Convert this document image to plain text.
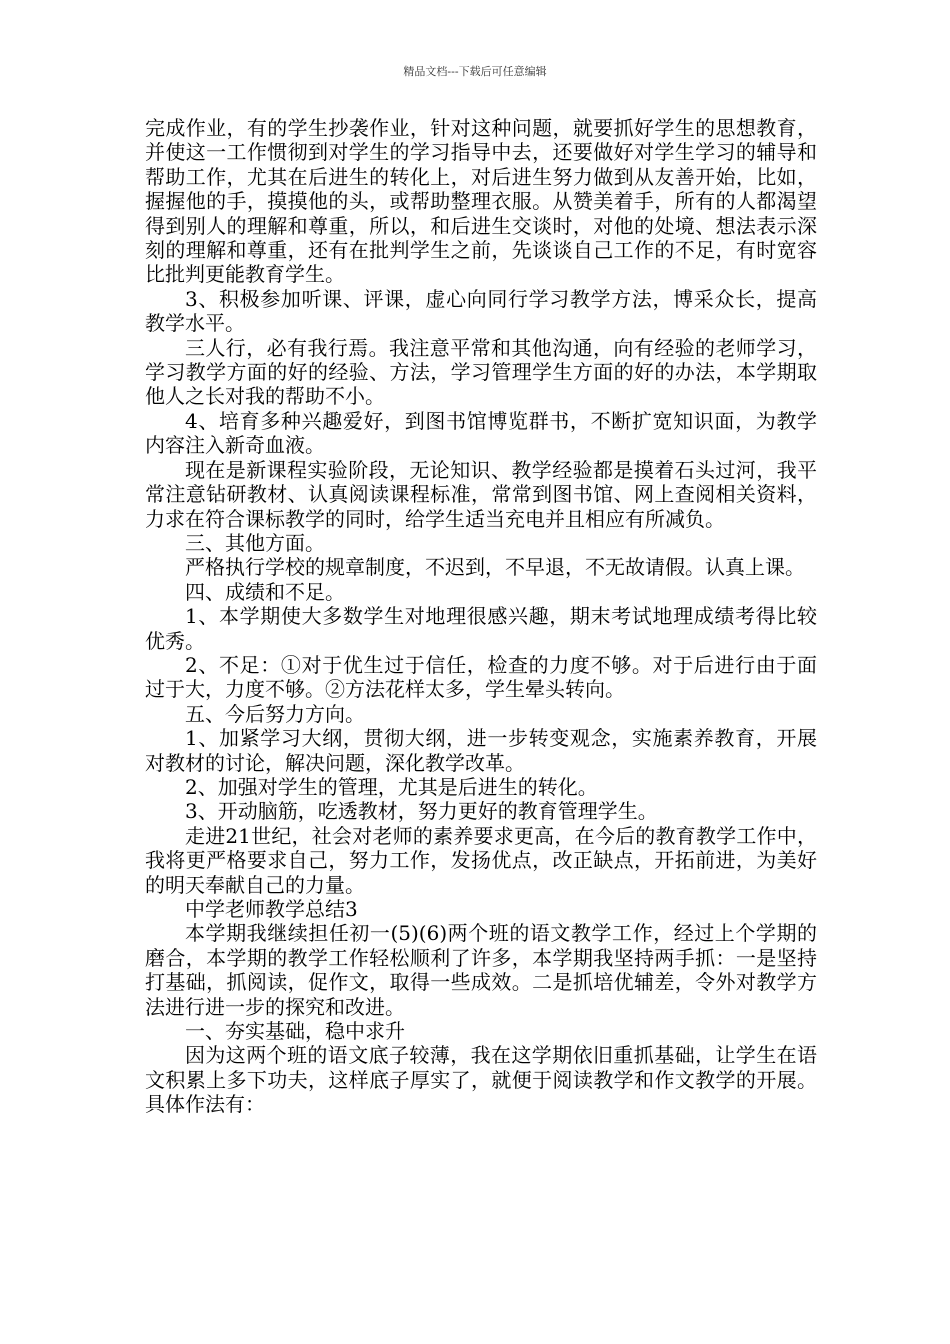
精品文档---下载后可任意编辑

完成作业，有的学生抄袭作业，针对这种问题，就要抓好学生的思想教育，并使这一工作惯彻到对学生的学习指导中去，还要做好对学生学习的辅导和帮助工作，尤其在后进生的转化上，对后进生努力做到从友善开始，比如，握握他的手，摸摸他的头，或帮助整理衣服。从赞美着手，所有的人都渴望得到别人的理解和尊重，所以，和后进生交谈时，对他的处境、想法表示深刻的理解和尊重，还有在批判学生之前，先谈谈自己工作的不足，有时宽容比批判更能教育学生。

3、积极参加听课、评课，虚心向同行学习教学方法，博采众长，提高教学水平。

三人行，必有我行焉。我注意平常和其他沟通，向有经验的老师学习，学习教学方面的好的经验、方法，学习管理学生方面的好的办法，本学期取他人之长对我的帮助不小。

4、培育多种兴趣爱好，到图书馆博览群书，不断扩宽知识面，为教学内容注入新奇血液。

现在是新课程实验阶段，无论知识、教学经验都是摸着石头过河，我平常注意钻研教材、认真阅读课程标准，常常到图书馆、网上查阅相关资料，力求在符合课标教学的同时，给学生适当充电并且相应有所减负。

三、其他方面。

严格执行学校的规章制度，不迟到，不早退，不无故请假。认真上课。

四、成绩和不足。

1、本学期使大多数学生对地理很感兴趣，期末考试地理成绩考得比较优秀。

2、不足：①对于优生过于信任，检查的力度不够。对于后进行由于面过于大，力度不够。②方法花样太多，学生晕头转向。

五、今后努力方向。

1、加紧学习大纲，贯彻大纲，进一步转变观念，实施素养教育，开展对教材的讨论，解决问题，深化教学改革。

2、加强对学生的管理，尤其是后进生的转化。

3、开动脑筋，吃透教材，努力更好的教育管理学生。

走进21世纪，社会对老师的素养要求更高，在今后的教育教学工作中，我将更严格要求自己，努力工作，发扬优点，改正缺点，开拓前进，为美好的明天奉献自己的力量。

中学老师教学总结3

本学期我继续担任初一(5)(6)两个班的语文教学工作，经过上个学期的磨合，本学期的教学工作轻松顺利了许多，本学期我坚持两手抓：一是坚持打基础，抓阅读，促作文，取得一些成效。二是抓培优辅差，令外对教学方法进行进一步的探究和改进。

一、夯实基础，稳中求升

因为这两个班的语文底子较薄，我在这学期依旧重抓基础，让学生在语文积累上多下功夫，这样底子厚实了，就便于阅读教学和作文教学的开展。具体作法有：
